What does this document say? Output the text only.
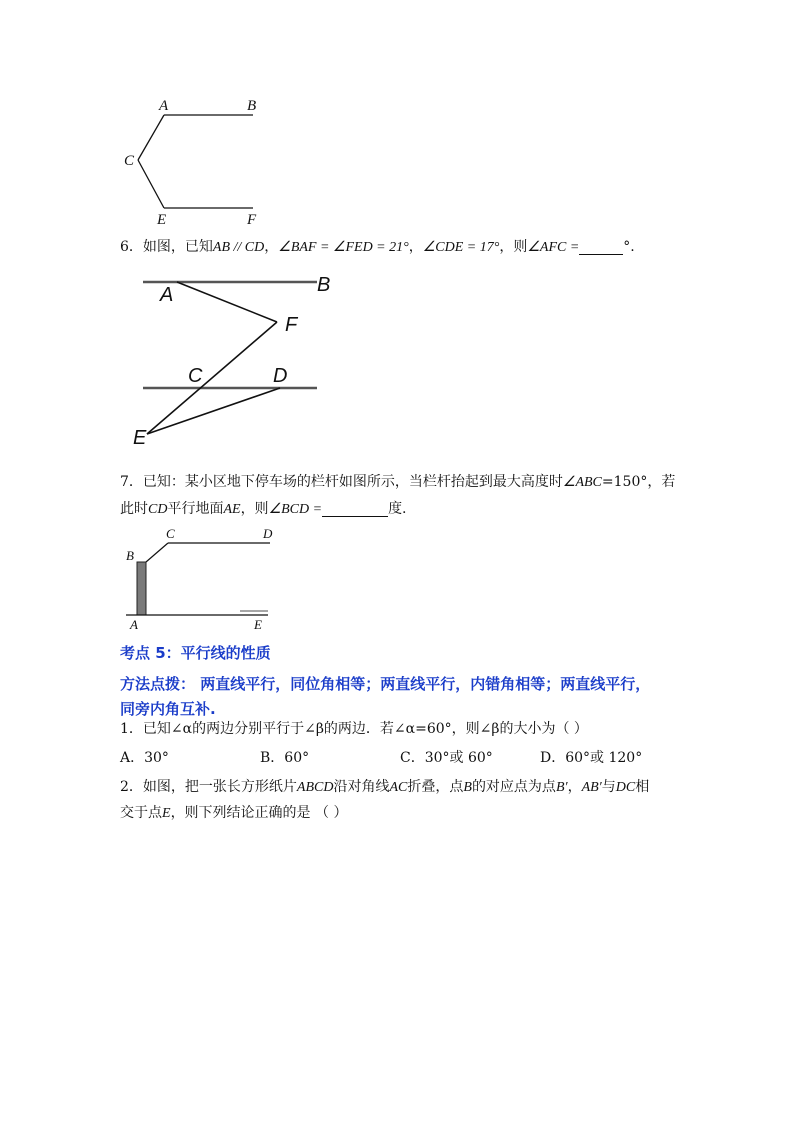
A	B
C
E	F
6．如图，已知AB // CD，∠BAF = ∠FED = 21°，∠CDE = 17°，则∠AFC =	°.
A	B
F
C	D
E
7．已知：某小区地下停车场的栏杆如图所示，当栏杆抬起到最大高度时∠ABC=150°，若
此时CD平行地面AE，则∠BCD =	度.
B
C	D
A	E
考点 5：平行线的性质
方法点拨： 两直线平行，同位角相等；两直线平行，内错角相等；两直线平行，
同旁内角互补.
1．已知∠α的两边分别平行于∠β的两边．若∠α=60°，则∠β的大小为（ ）
A．30°	B．60°	C．30°或 60°	D．60°或 120°
2．如图，把一张长方形纸片ABCD沿对角线AC折叠，点B的对应点为点B′，AB′与DC相
交于点E，则下列结论正确的是 （ ）
